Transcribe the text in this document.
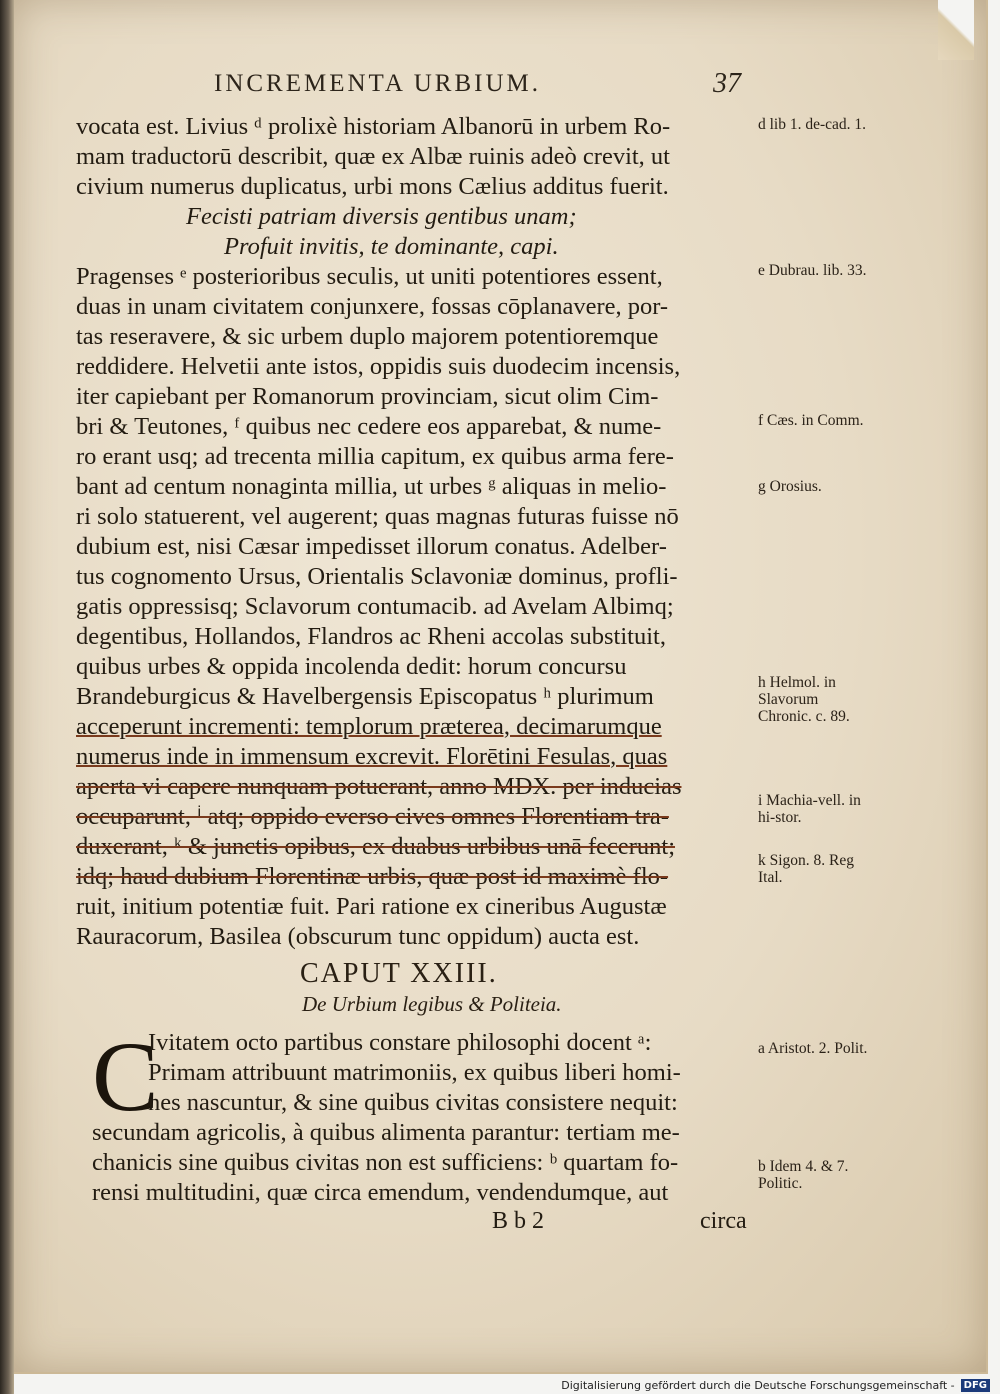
INCREMENTA URBIUM.	37
vocata est. Livius ᵈ prolixè historiam Albanorū in urbem Ro-
mam traductorū describit, quæ ex Albæ ruinis adeò crevit, ut
civium numerus duplicatus, urbi mons Cælius additus fuerit.
Fecisti patriam diversis gentibus unam;
Profuit invitis, te dominante, capi.
Pragenses ᵉ posterioribus seculis, ut uniti potentiores essent,
duas in unam civitatem conjunxere, fossas cōplanavere, por-
tas reseravere, & sic urbem duplo majorem potentioremque
reddidere. Helvetii ante istos, oppidis suis duodecim incensis,
iter capiebant per Romanorum provinciam, sicut olim Cim-
bri & Teutones, ᶠ quibus nec cedere eos apparebat, & nume-
ro erant usq; ad trecenta millia capitum, ex quibus arma fere-
bant ad centum nonaginta millia, ut urbes ᵍ aliquas in melio-
ri solo statuerent, vel augerent; quas magnas futuras fuisse nō
dubium est, nisi Cæsar impedisset illorum conatus. Adelber-
tus cognomento Ursus, Orientalis Sclavoniæ dominus, profli-
gatis oppressisq; Sclavorum contumacib. ad Avelam Albimq;
degentibus, Hollandos, Flandros ac Rheni accolas substituit,
quibus urbes & oppida incolenda dedit: horum concursu
Brandeburgicus & Havelbergensis Episcopatus ʰ plurimum
acceperunt incrementi: templorum præterea, decimarumque
numerus inde in immensum excrevit. Florētini Fesulas, quas
aperta vi capere nunquam potuerant, anno MDX. per inducias
occuparunt, ⁱ atq; oppido everso cives omnes Florentiam tra-
duxerant, ᵏ & junctis opibus, ex duabus urbibus unā fecerunt;
idq; haud dubium Florentinæ urbis, quæ post id maximè flo-
ruit, initium potentiæ fuit. Pari ratione ex cineribus Augustæ
Rauracorum, Basilea (obscurum tunc oppidum) aucta est.
d lib 1. de-cad. 1.
e Dubrau. lib. 33.
f Cæs. in Comm.
g Orosius.
h Helmol. in Slavorum Chronic. c. 89.
i Machia-vell. in hi-stor.
k Sigon. 8. Reg Ital.
a Aristot. 2. Polit.
b Idem 4. & 7. Politic.
CAPUT XXIII.
De Urbium legibus & Politeia.
C
Ivitatem octo partibus constare philosophi docent ᵃ:
Primam attribuunt matrimoniis, ex quibus liberi homi-
nes nascuntur, & sine quibus civitas consistere nequit:
secundam agricolis, à quibus alimenta parantur: tertiam me-
chanicis sine quibus civitas non est sufficiens: ᵇ quartam fo-
rensi multitudini, quæ circa emendum, vendendumque, aut
B b 2	circa
Digitalisierung gefördert durch die Deutsche Forschungsgemeinschaft - DFG
